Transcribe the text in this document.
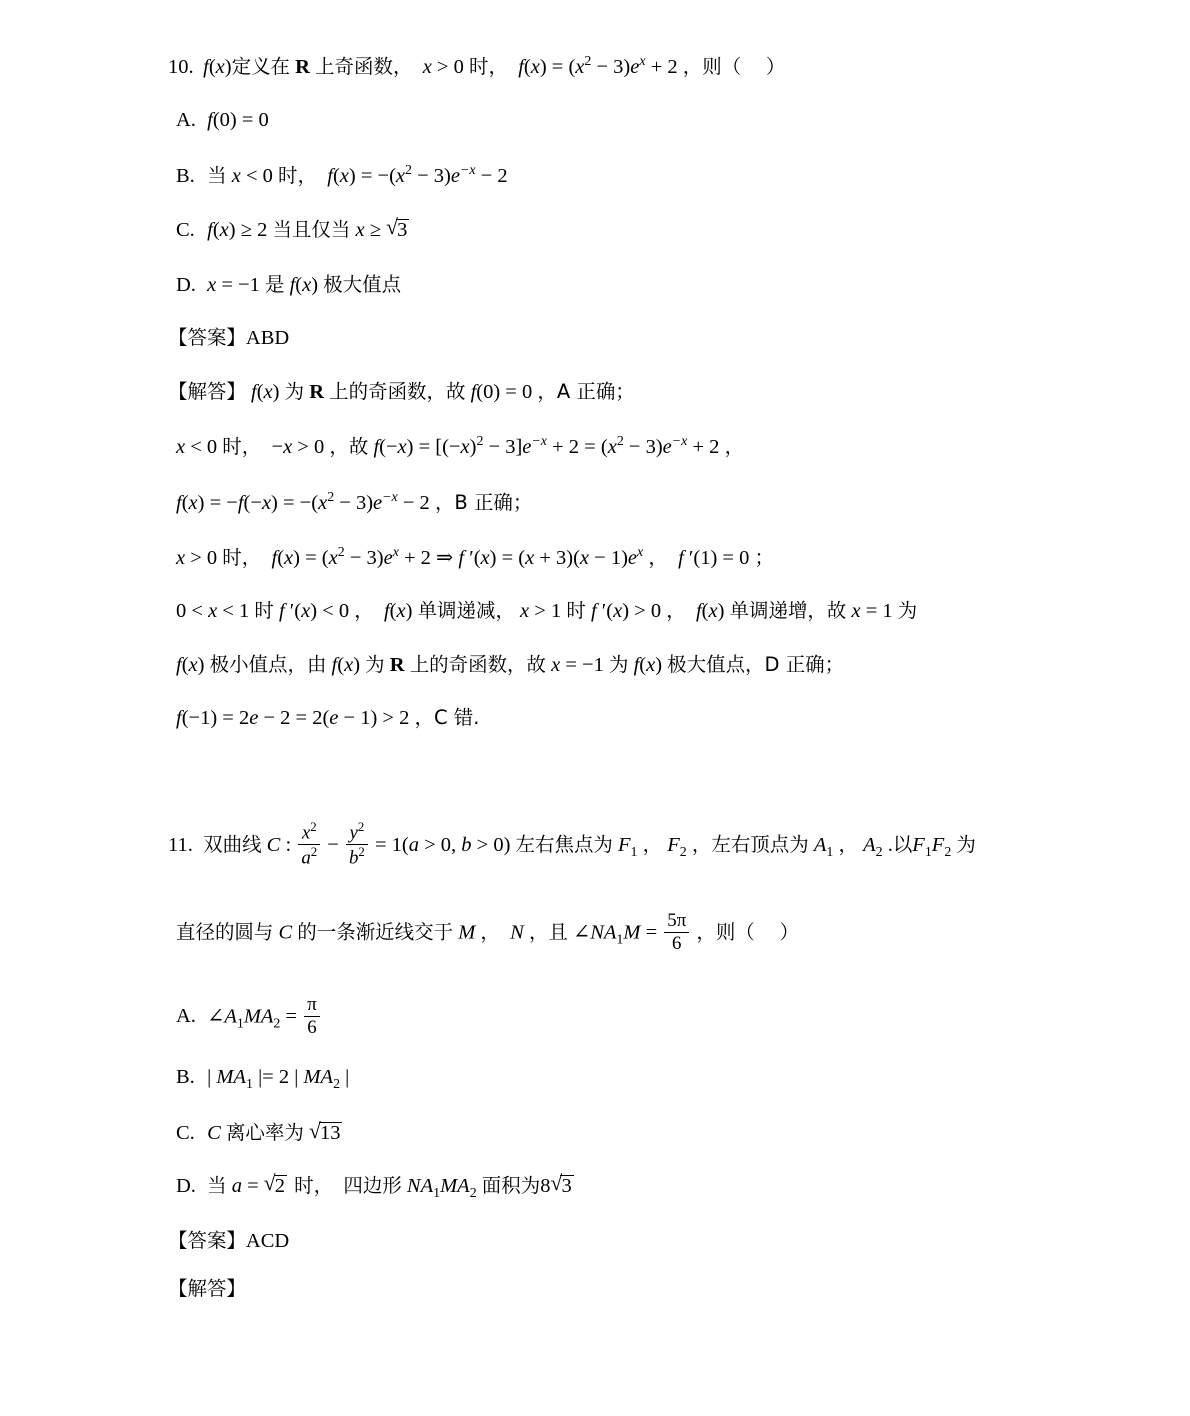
10. f(x)定义在 R 上奇函数， x > 0 时， $f(x) = (x^2 - 3)e^x + 2$ ，则（    ）
A. f(0) = 0
B. 当 x < 0 时， $f(x) = -(x^2 - 3)e^{-x} - 2$
C. f(x) ≥ 2 当且仅当 x ≥ √ 3
D. x = −1 是 f(x) 极大值点
【答案】ABD
【解答】 f(x) 为 R 上的奇函数，故 f(0) = 0 ，A 正确；
x < 0 时，  −x > 0 ，故 $f(-x) = [(-x)^2 - 3]e^{-x} + 2 = (x^2 - 3)e^{-x} + 2$ ，
$f(x) = -f(-x) = -(x^2 - 3)e^{-x} - 2$ ，B 正确；
x > 0 时， $f(x) = (x^2 - 3)e^x + 2$ ⇒ f $'(x) = (x + 3)(x - 1)e^x$ ， f ′(1) = 0 ；
0 < x < 1 时 f ′(x) < 0 ， f(x) 单调递减， x > 1 时 f ′(x) > 0 ， f(x) 单调递增，故 x = 1 为
f(x) 极小值点，由 f(x) 为 R 上的奇函数，故 x = −1 为 f(x) 极大值点，D 正确；
f(−1) = 2e − 2 = 2(e − 1) > 2 ，C 错.
11. 双曲线 C : $\frac{x^2}{a^2} - \frac{y^2}{b^2} = 1(a > 0$, b > 0) 左右焦点为 $F_1$ ， $F_2$ ，左右顶点为 $A_1$ ， $A_2$ .以$F_1F_2$ 为
直径的圆与 C 的一条渐近线交于 M ， N ，且 $\angle NA_1M = \frac{5\pi}{6}$ ，则（    ）
A. $\angle A_1MA_2 = \frac{\pi}{6}$
B. | $MA_1$ |= 2 | $MA_2$ |
C. C 离心率为 √ 13
D. 当 a = √ 2 时， 四边形 $NA_1MA_2$ 面积为8 √ 3
【答案】ACD
【解答】
